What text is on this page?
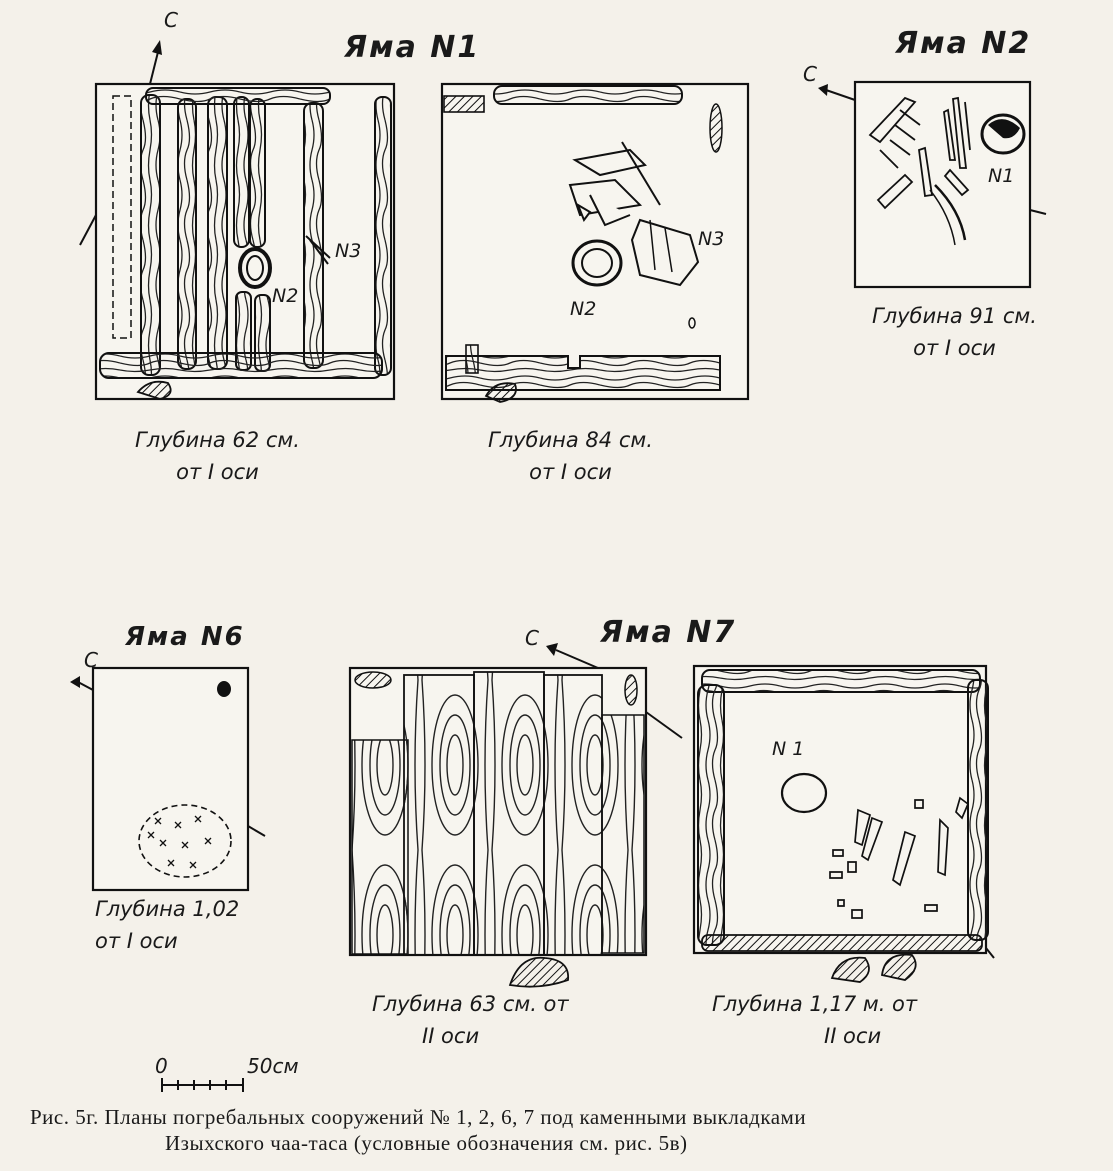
Яма N1	Яма N2
Яма N6	Яма N7
С
С
С
С
N2
N3
N2
N3
N1
N 1
Глубина 62 см.
от I оси
Глубина 84 см.
от I оси
Глубина 91 см.
от I оси
Глубина 1,02
от I оси
Глубина 63 см. от
II оси
Глубина 1,17 м. от
II оси
0	50см
Рис. 5г. Планы погребальных сооружений № 1, 2, 6, 7 под каменными выкладками
Изыхского чаа-таса (условные обозначения см. рис. 5в)
